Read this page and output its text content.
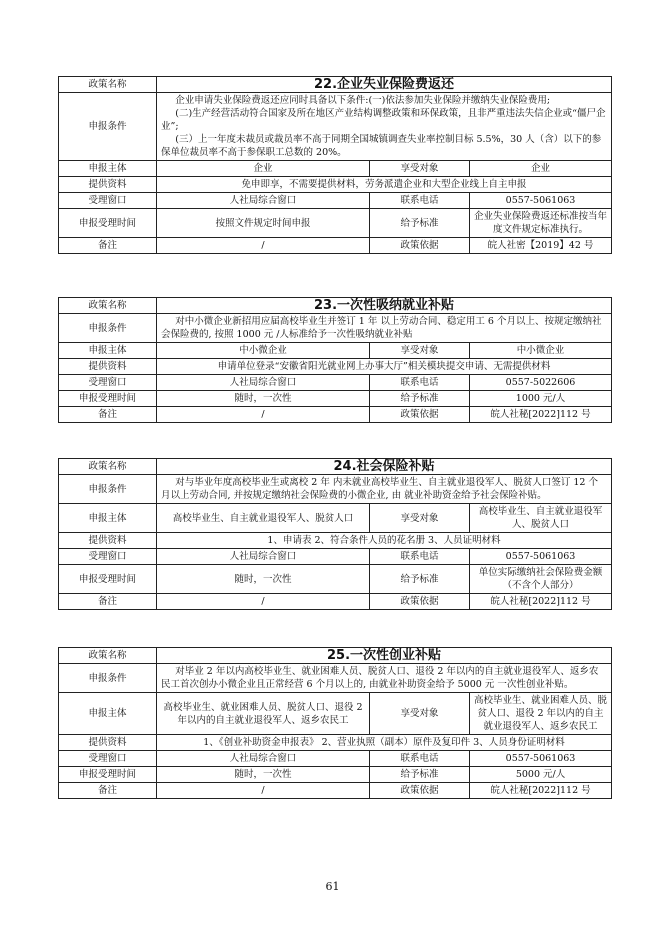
政策名称	22.企业失业保险费返还		
申报条件	企业申请失业保险费返还应同时具备以下条件:(一)依法参加失业保险并缴纳失业保险费用;

(二)生产经营活动符合国家及所在地区产业结构调整政策和环保政策，且非严重违法失信企业或“僵尸企业”;

(三）上一年度未裁员或裁员率不高于同期全国城镇调查失业率控制目标 5.5%，30 人（含）以下的参保单位裁员率不高于参保职工总数的 20%。		

申报主体	企业	享受对象	企业
提供资料	免申即享，不需要提供材料，劳务派遣企业和大型企业线上自主申报		
受理窗口	人社局综合窗口	联系电话	0557-5061063
申报受理时间	按照文件规定时间申报	给予标准	企业失业保险费返还标准按当年度文件规定标准执行。
备注	/	政策依据	皖人社密【2019】42 号
政策名称	23.一次性吸纳就业补贴		
申报条件	对中小微企业新招用应届高校毕业生并签订 1 年 以上劳动合同、稳定用工 6 个月以上、按规定缴纳社会保险费的, 按照 1000 元 /人标准给予一次性吸纳就业补贴		

申报主体	中小微企业	享受对象	中小微企业
提供资料	申请单位登录“安徽省阳光就业网上办事大厅”相关模块提交申请、无需提供材料		
受理窗口	人社局综合窗口	联系电话	0557-5022606
申报受理时间	随时，一次性	给予标准	1000 元/人
备注	/	政策依据	皖人社秘[2022]112 号
政策名称	24.社会保险补贴		
申报条件	对与毕业年度高校毕业生或离校 2 年 内未就业高校毕业生、自主就业退役军人、脱贫人口签订 12 个月以上劳动合同, 并按规定缴纳社会保险费的小微企业, 由 就业补助资金给予社会保险补贴。		

申报主体	高校毕业生、自主就业退役军人、脱贫人口	享受对象	高校毕业生、自主就业退役军人、脱贫人口
提供资料	1、申请表 2、符合条件人员的花名册 3、人员证明材料		
受理窗口	人社局综合窗口	联系电话	0557-5061063
申报受理时间	随时，一次性	给予标准	单位实际缴纳社会保险费金额（不含个人部分）
备注	/	政策依据	皖人社秘[2022]112 号
政策名称	25.一次性创业补贴		
申报条件	对毕业 2 年以内高校毕业生、就业困难人员、脱贫人口、退役 2 年以内的自主就业退役军人、返乡农民工首次创办小微企业且正常经营 6 个月以上的, 由就业补助资金给予 5000 元 一次性创业补贴。		

申报主体	高校毕业生、就业困难人员、脱贫人口、退役 2 年以内的自主就业退役军人、返乡农民工	享受对象	高校毕业生、就业困难人员、脱贫人口、退役 2 年以内的自主就业退役军人、返乡农民工
提供资料	1、《创业补助资金申报表》 2、营业执照（副本）原件及复印件 3、人员身份证明材料		
受理窗口	人社局综合窗口	联系电话	0557-5061063
申报受理时间	随时，一次性	给予标准	5000 元/人
备注	/	政策依据	皖人社秘[2022]112 号
61
